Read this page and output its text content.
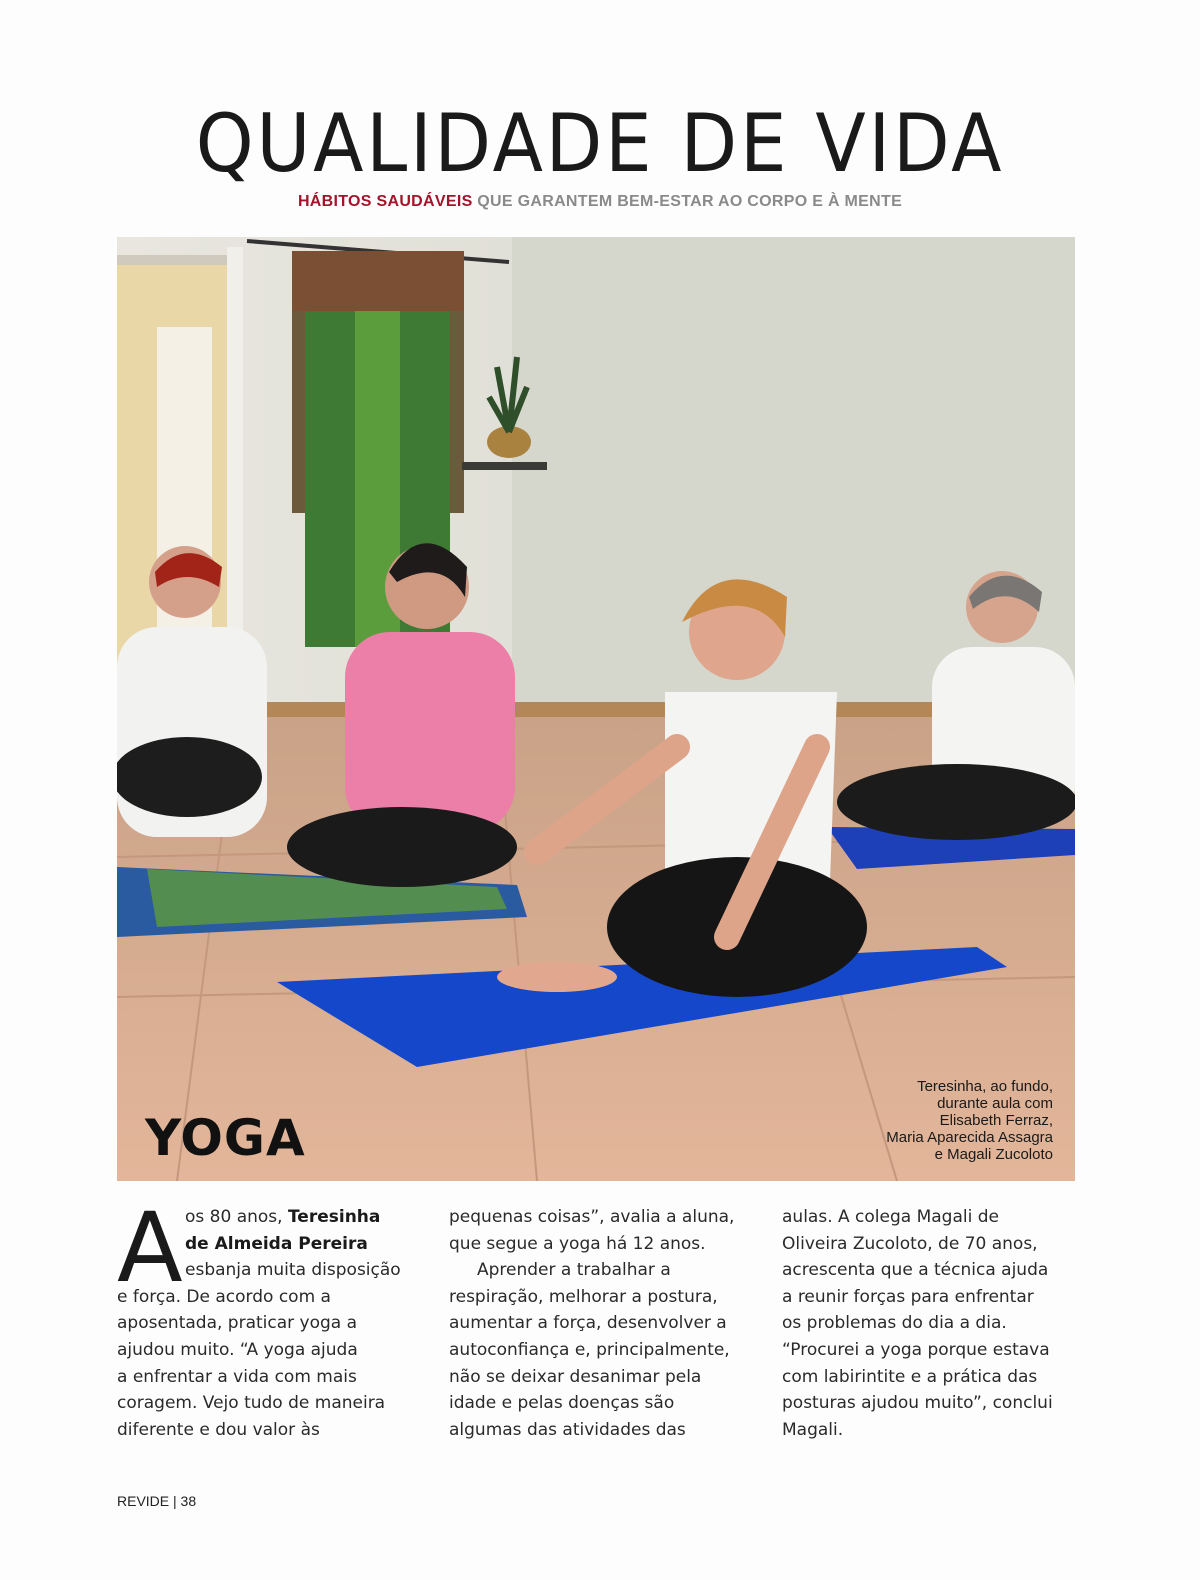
QUALIDADE DE VIDA
HÁBITOS SAUDÁVEIS QUE GARANTEM BEM-ESTAR AO CORPO E À MENTE
YOGA
Teresinha, ao fundo,
durante aula com
Elisabeth Ferraz,
Maria Aparecida Assagra
e Magali Zucoloto
A os 80 anos, Teresinha
de Almeida Pereira
esbanja muita disposição
e força. De acordo com a
aposentada, praticar yoga a
ajudou muito. “A yoga ajuda
a enfrentar a vida com mais
coragem. Vejo tudo de maneira
diferente e dou valor às
pequenas coisas”, avalia a aluna,
que segue a yoga há 12 anos.
Aprender a trabalhar a
respiração, melhorar a postura,
aumentar a força, desenvolver a
autoconfiança e, principalmente,
não se deixar desanimar pela
idade e pelas doenças são
algumas das atividades das
aulas. A colega Magali de
Oliveira Zucoloto, de 70 anos,
acrescenta que a técnica ajuda
a reunir forças para enfrentar
os problemas do dia a dia.
“Procurei a yoga porque estava
com labirintite e a prática das
posturas ajudou muito”, conclui
Magali.
REVIDE | 38
